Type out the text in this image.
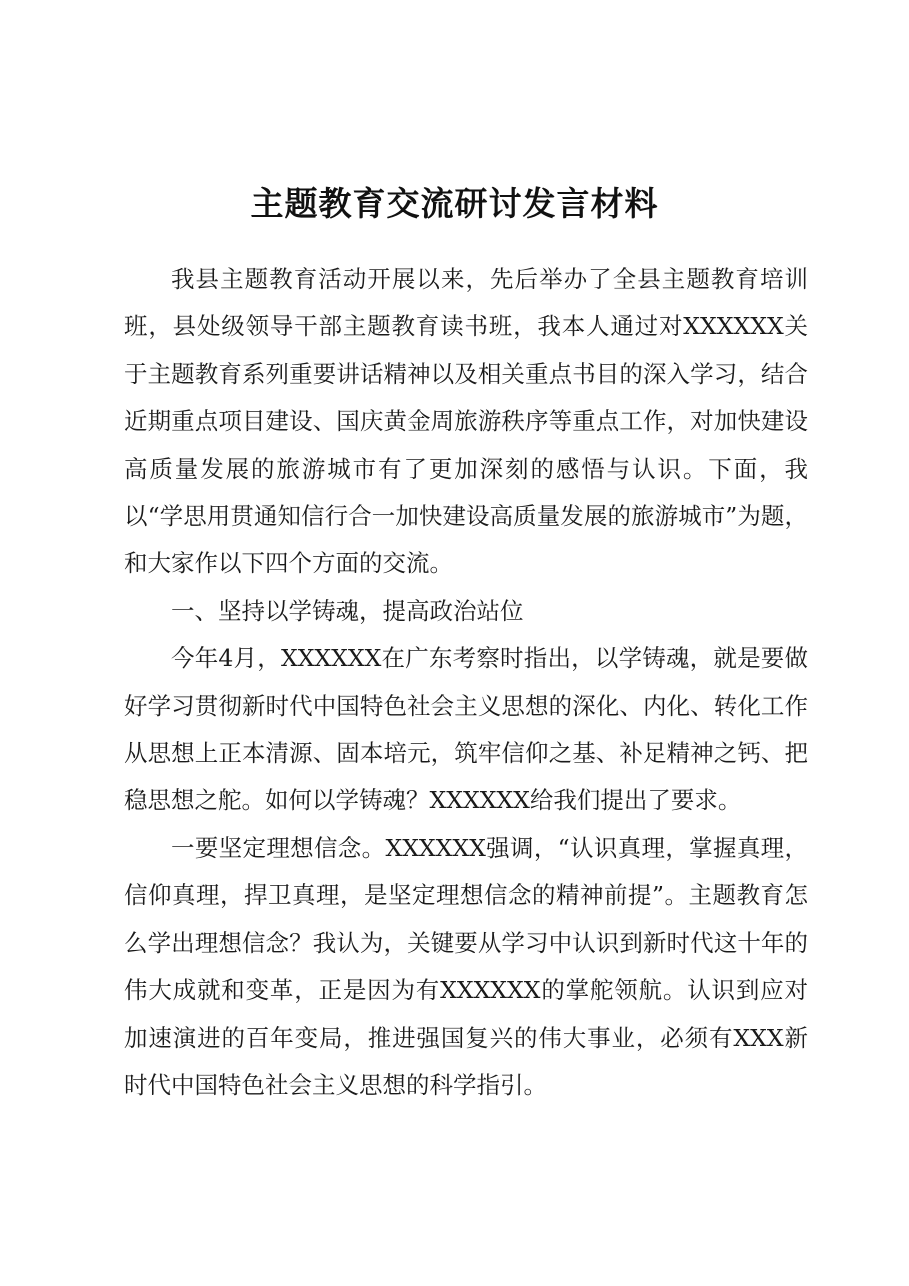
主题教育交流研讨发言材料

我县主题教育活动开展以来，先后举办了全县主题教育培训班，县处级领导干部主题教育读书班，我本人通过对XXXXXX关于主题教育系列重要讲话精神以及相关重点书目的深入学习，结合近期重点项目建设、国庆黄金周旅游秩序等重点工作，对加快建设高质量发展的旅游城市有了更加深刻的感悟与认识。下面，我以“学思用贯通知信行合一加快建设高质量发展的旅游城市”为题，和大家作以下四个方面的交流。

一、坚持以学铸魂，提高政治站位

今年4月，XXXXXX在广东考察时指出，以学铸魂，就是要做好学习贯彻新时代中国特色社会主义思想的深化、内化、转化工作从思想上正本清源、固本培元，筑牢信仰之基、补足精神之钙、把稳思想之舵。如何以学铸魂？XXXXXX给我们提出了要求。

一要坚定理想信念。XXXXXX强调，“认识真理，掌握真理，信仰真理，捍卫真理，是坚定理想信念的精神前提”。主题教育怎么学出理想信念？我认为，关键要从学习中认识到新时代这十年的伟大成就和变革，正是因为有XXXXXX的掌舵领航。认识到应对加速演进的百年变局，推进强国复兴的伟大事业，必须有XXX新时代中国特色社会主义思想的科学指引。
